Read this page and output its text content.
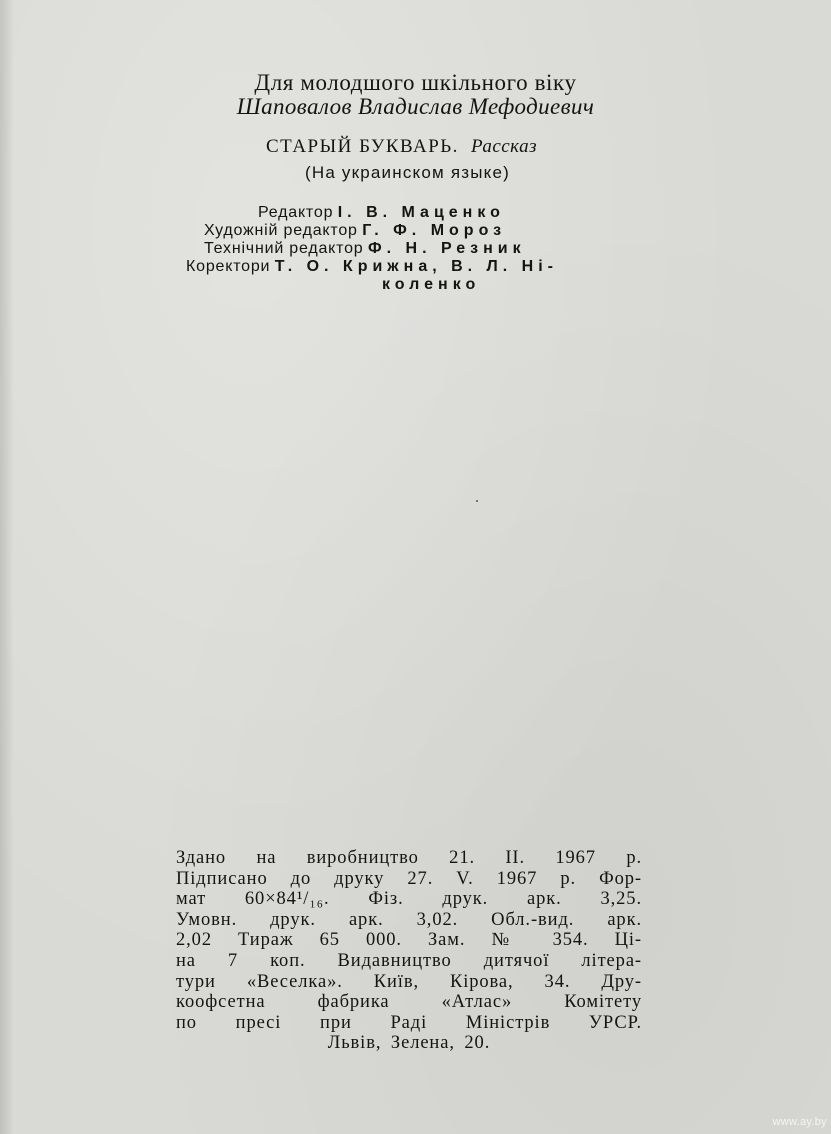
Для молодшого шкільного віку
Шаповалов Владислав Мефодиевич
СТАРЫЙ БУКВАРЬ. Рассказ
(На украинском языке)
Редактор І. В. Маценко
Художній редактор Г. Ф. Мороз
Технічний редактор Ф. Н. Резник
Коректори Т. О. Крижна, В. Л. Ні-
коленко
Здано на виробництво 21. ІІ. 1967 р.
Підписано до друку 27. V. 1967 р. Фор-
мат 60×84¹/₁₆. Фіз. друк. арк. 3,25.
Умовн. друк. арк. 3,02. Обл.-вид. арк.
2,02 Тираж 65 000. Зам. № 354. Ці-
на 7 коп. Видавництво дитячої літера-
тури «Веселка». Київ, Кірова, 34. Дру-
коофсетна фабрика «Атлас» Комітету
по пресі при Раді Міністрів УРСР.
Львів, Зелена, 20.
www.ay.by
